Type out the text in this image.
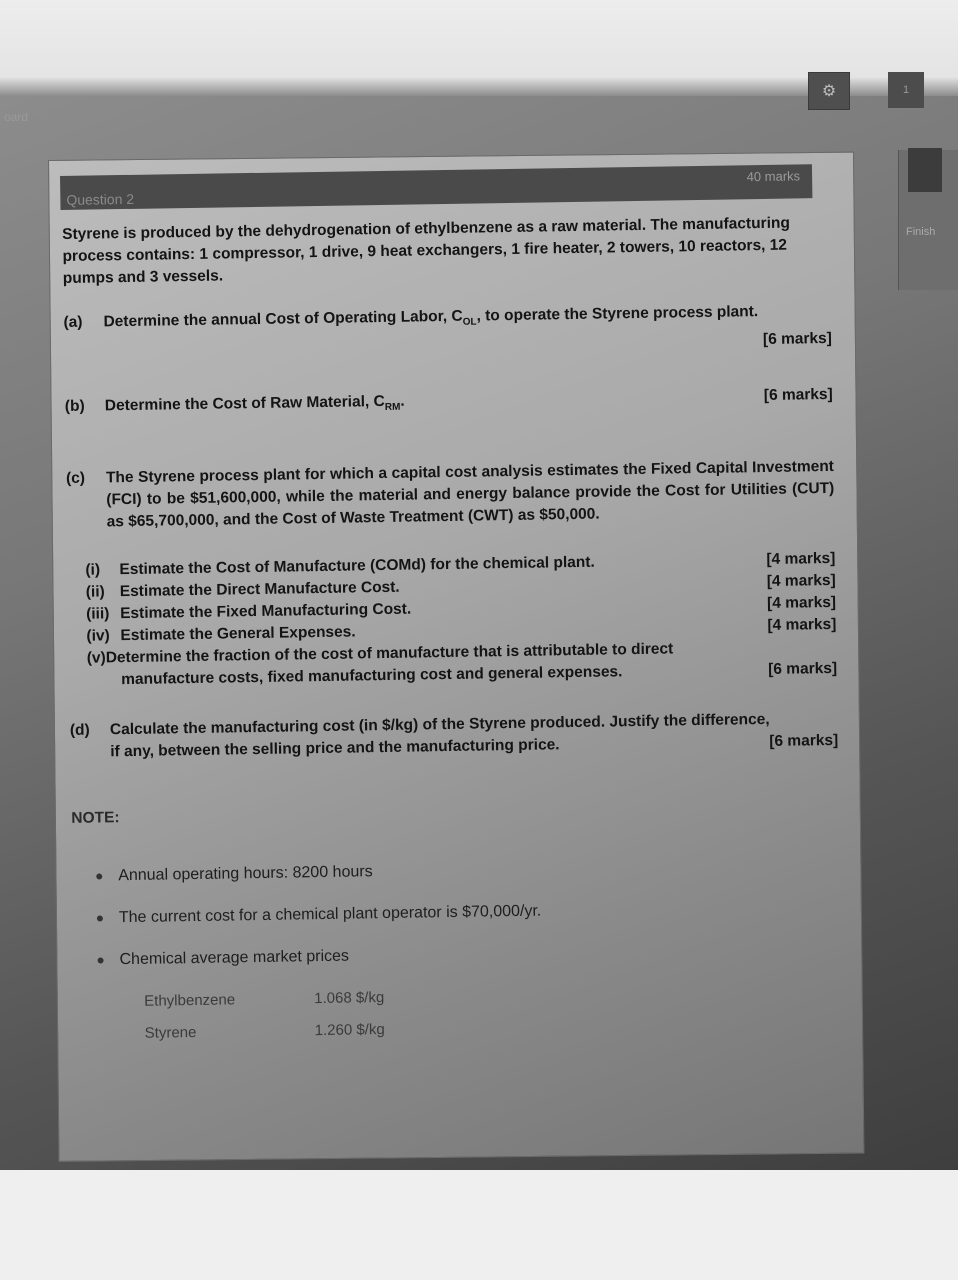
oard
⚙	1
Finish
Question 2
40 marks
Styrene is produced by the dehydrogenation of ethylbenzene as a raw material. The manufacturing process contains: 1 compressor, 1 drive, 9 heat exchangers, 1 fire heater, 2 towers, 10 reactors, 12 pumps and 3 vessels.
(a) Determine the annual Cost of Operating Labor, $C_{OL}$, to operate the Styrene process plant.
[6 marks]
(b) Determine the Cost of Raw Material, $C_{RM}$.	[6 marks]
(c)	The Styrene process plant for which a capital cost analysis estimates the Fixed Capital Investment (FCI) to be $51,600,000, while the material and energy balance provide the Cost for Utilities (CUT) as $65,700,000, and the Cost of Waste Treatment (CWT) as $50,000.
(i) Estimate the Cost of Manufacture (COMd) for the chemical plant.	[4 marks]
(ii) Estimate the Direct Manufacture Cost.	[4 marks]
(iii) Estimate the Fixed Manufacturing Cost.	[4 marks]
(iv) Estimate the General Expenses.	[4 marks]
(v)Determine the fraction of the cost of manufacture that is attributable to direct
manufacture costs, fixed manufacturing cost and general expenses.	[6 marks]
(d) Calculate the manufacturing cost (in $/kg) of the Styrene produced. Justify the difference,
if any, between the selling price and the manufacturing price.	[6 marks]
NOTE:
Annual operating hours: 8200 hours
The current cost for a chemical plant operator is $70,000/yr.
Chemical average market prices
Ethylbenzene	1.068 $/kg
Styrene	1.260 $/kg
